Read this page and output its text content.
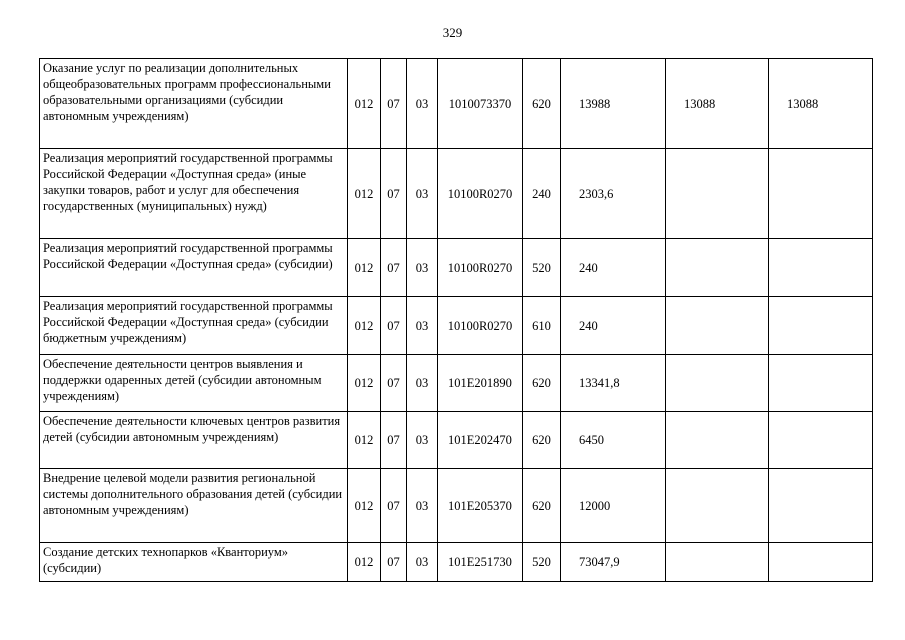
329
Оказание услуг по реализации дополнительных общеобразовательных программ профессиональными образовательными организациями (субсидии автономным учреждениям)	012	07	03	1010073370	620	13988	13088	13088
Реализация мероприятий государственной программы Российской Федерации «Доступная среда» (иные закупки товаров, работ и услуг для обеспечения государственных (муниципальных) нужд)	012	07	03	10100R0270	240	2303,6		
Реализация мероприятий государственной программы Российской Федерации «Доступная среда» (субсидии)	012	07	03	10100R0270	520	240		
Реализация мероприятий государственной программы Российской Федерации «Доступная среда» (субсидии бюджетным учреждениям)	012	07	03	10100R0270	610	240		
Обеспечение деятельности центров выявления и поддержки одаренных детей (субсидии автономным учреждениям)	012	07	03	101E201890	620	13341,8		
Обеспечение деятельности ключевых центров развития детей (субсидии автономным учреждениям)	012	07	03	101E202470	620	6450		
Внедрение целевой модели развития региональной системы дополнительного образования детей (субсидии автономным учреждениям)	012	07	03	101E205370	620	12000		
Создание детских технопарков «Кванториум» (субсидии)	012	07	03	101E251730	520	73047,9		
